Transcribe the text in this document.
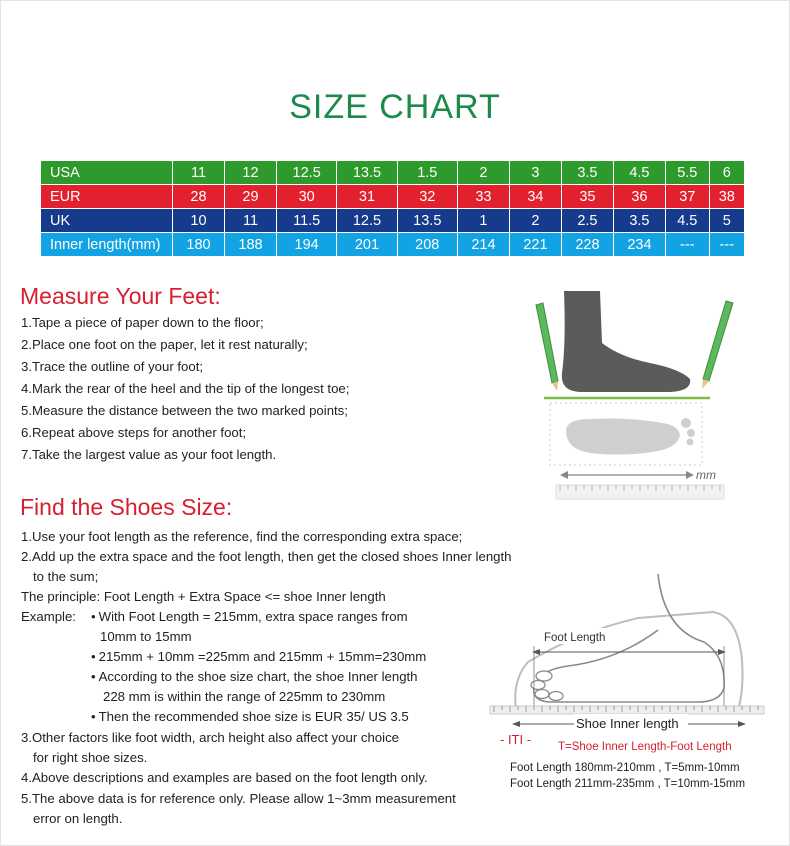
SIZE CHART
USA	11	12	12.5	13.5	1.5	2	3	3.5	4.5	5.5	6
EUR	28	29	30	31	32	33	34	35	36	37	38
UK	10	11	11.5	12.5	13.5	1	2	2.5	3.5	4.5	5
Inner length(mm)	180	188	194	201	208	214	221	228	234	---	---
Measure Your Feet:
1.Tape a piece of paper down to the floor;
2.Place one foot on the paper, let it rest naturally;
3.Trace the outline of your foot;
4.Mark the rear of the heel and the tip of the longest toe;
5.Measure the distance between the two marked points;
6.Repeat above steps for another foot;
7.Take the largest value as your foot length.
mm
Find the Shoes Size:
1.Use your foot length as the reference, find the corresponding extra space;
2.Add up the extra space and the foot length, then get the closed shoes Inner length
to the sum;
The principle: Foot Length + Extra Space <= shoe Inner length
Example:	• With Foot Length = 215mm, extra space ranges from
10mm to 15mm
• 215mm + 10mm =225mm and 215mm + 15mm=230mm
• According to the shoe size chart, the shoe Inner length
228 mm is within the range of 225mm to 230mm
• Then the recommended shoe size is EUR 35/ US 3.5
3.Other factors like foot width, arch height also affect your choice
for right shoe sizes.
4.Above descriptions and examples are based on the foot length only.
5.The above data is for reference only. Please allow 1~3mm measurement
error on length.
Foot Length
Shoe Inner length
- ITI - T=Shoe Inner Length-Foot Length
Foot Length 180mm-210mm , T=5mm-10mm
Foot Length 211mm-235mm , T=10mm-15mm
